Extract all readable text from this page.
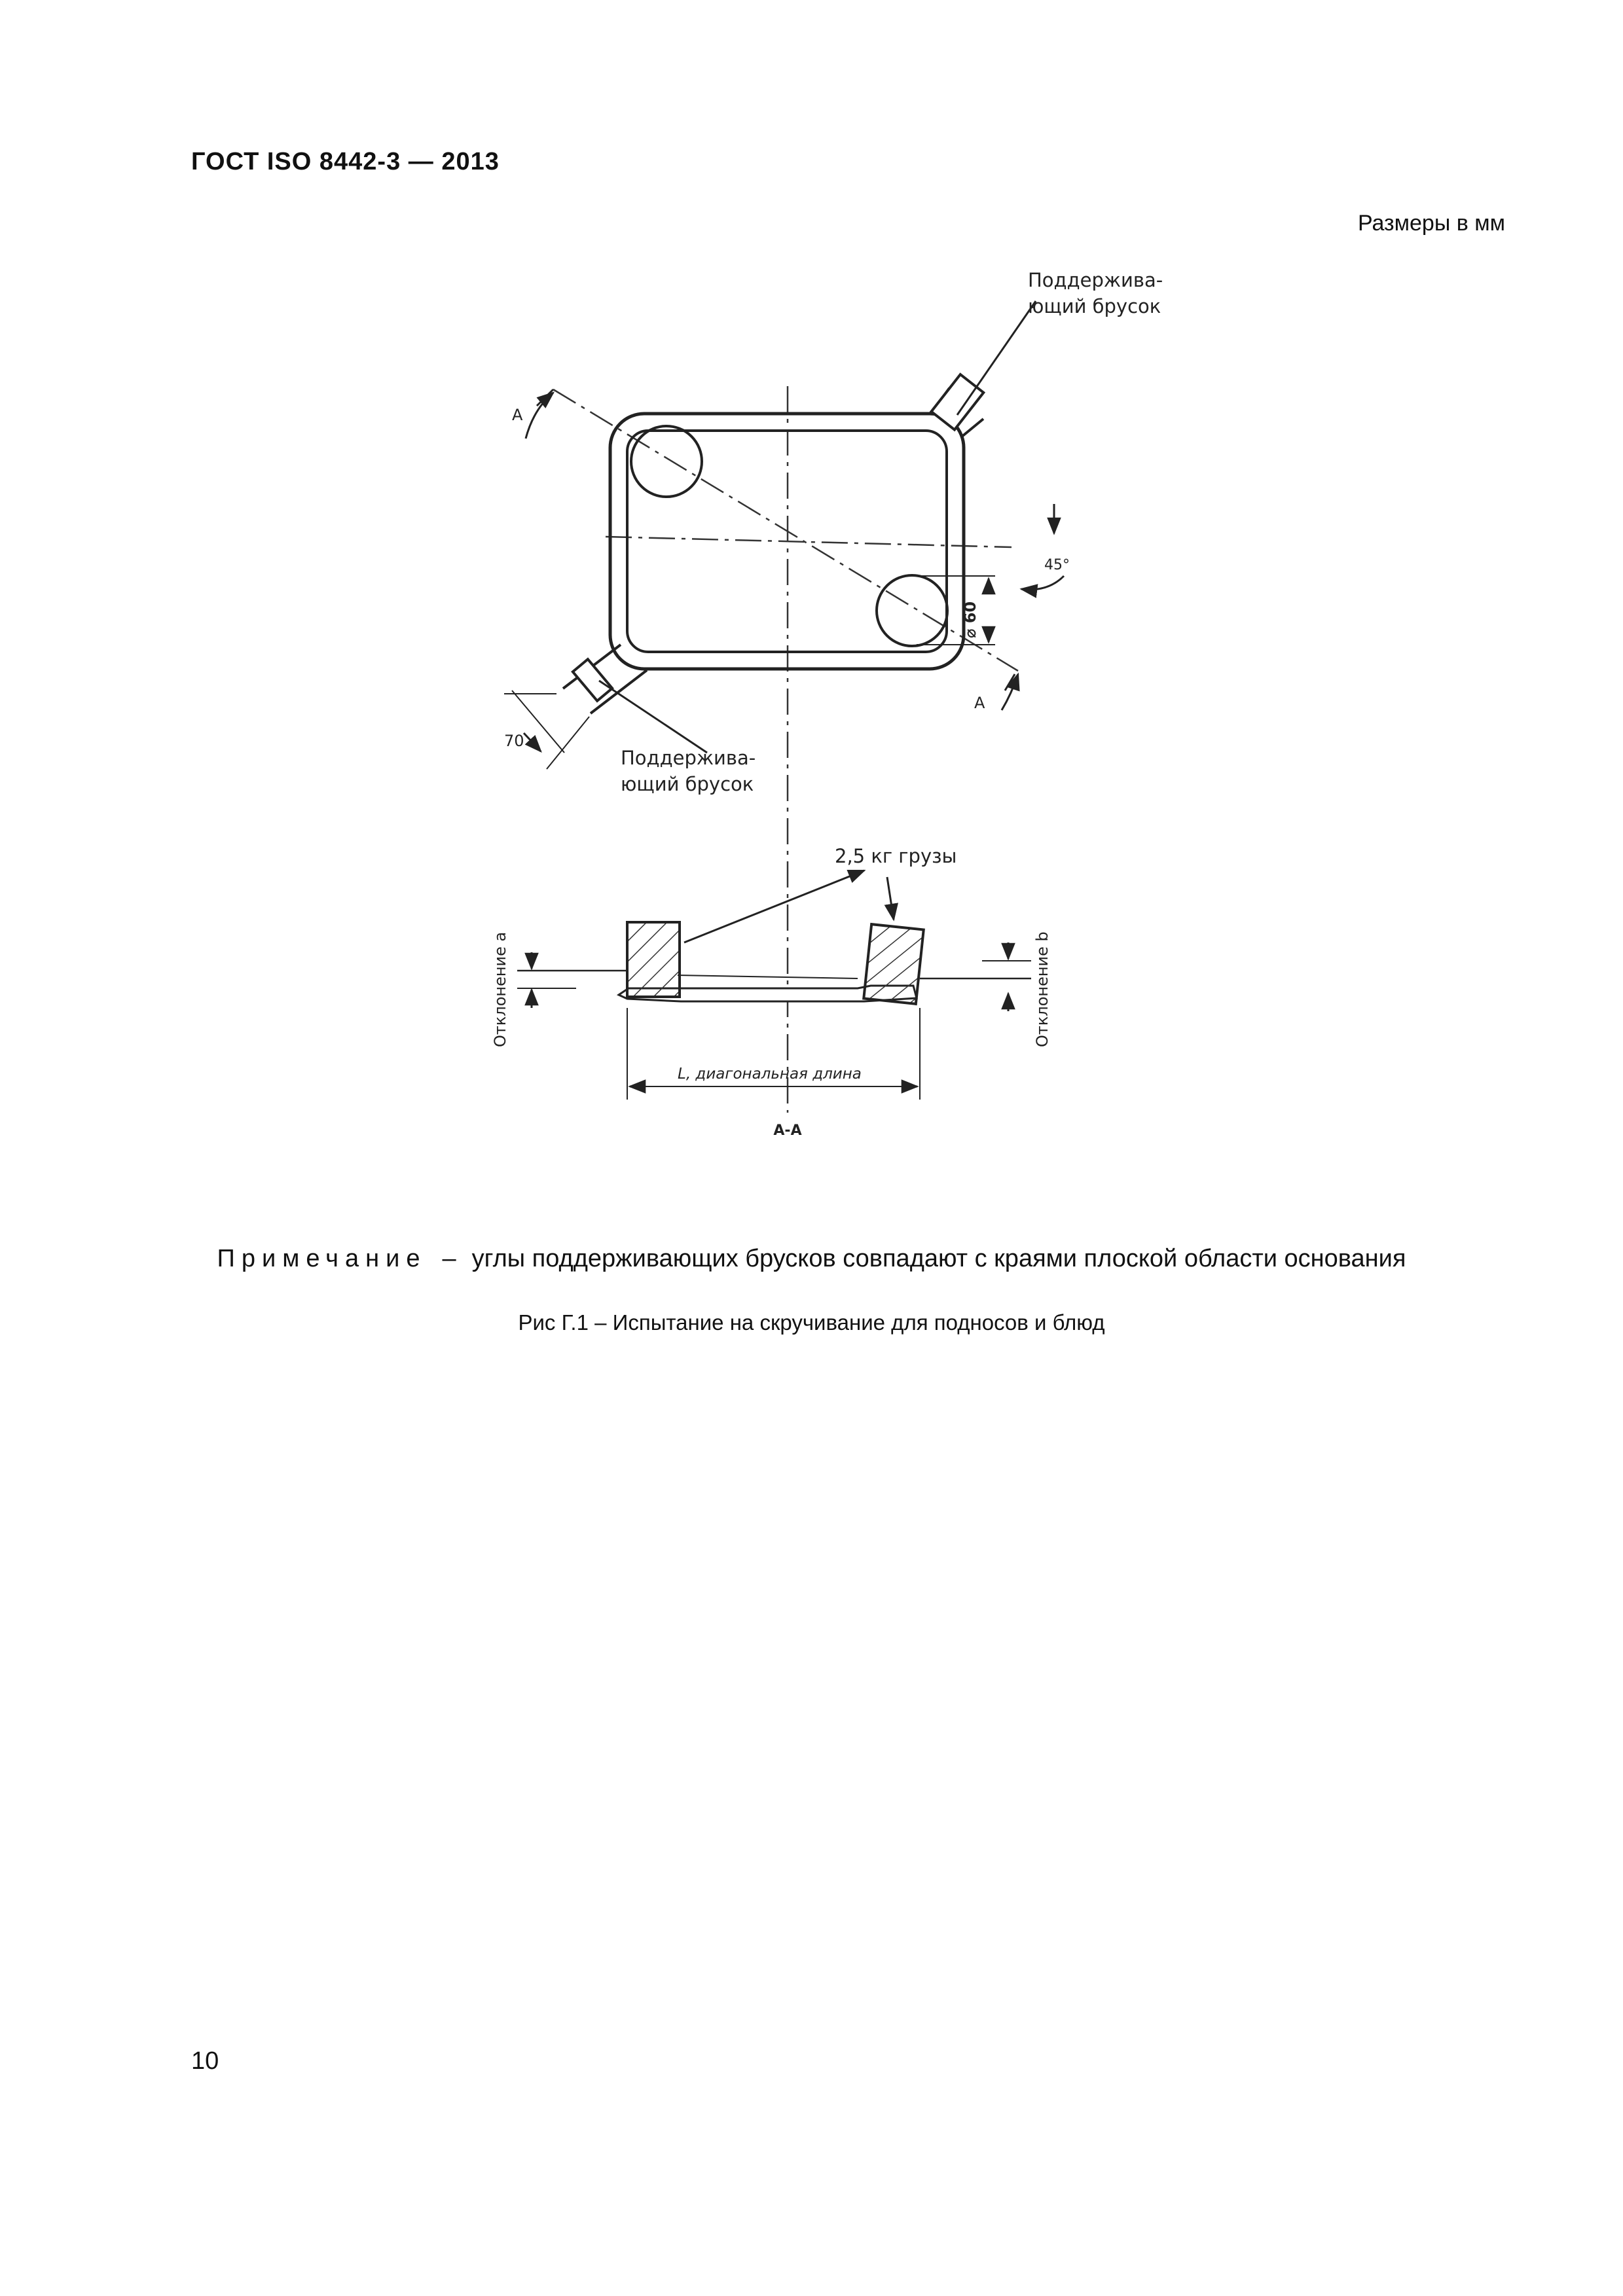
ГОСТ ISO 8442-3 — 2013
Размеры в мм
Поддержива-
ющий брусок
A
45°
⌀ 60
A
70
Поддержива-
ющий брусок
2,5 кг грузы
Отклонение a	Отклонение b
L, диагональная длина
A-A
Примечание – углы поддерживающих брусков совпадают с краями плоской области основания
Рис Г.1 – Испытание на скручивание для подносов и блюд
10
